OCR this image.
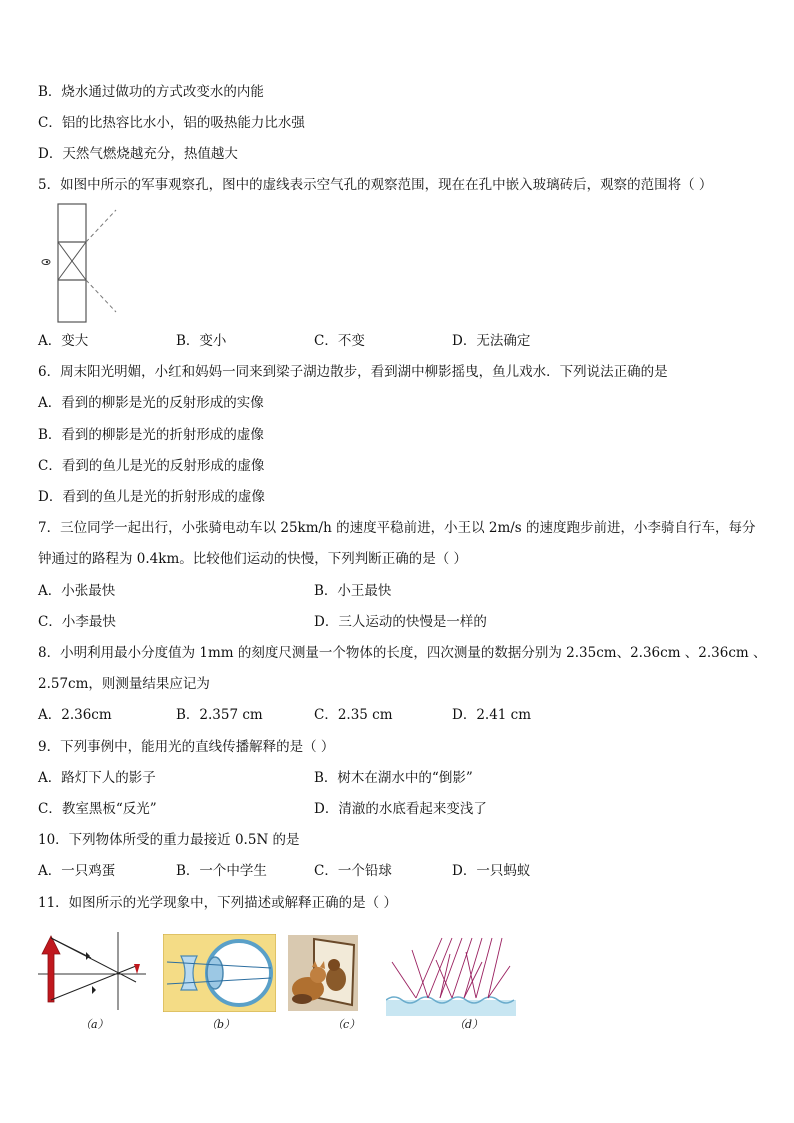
B．烧水通过做功的方式改变水的内能
C．铝的比热容比水小，铝的吸热能力比水强
D．天然气燃烧越充分，热值越大
5．如图中所示的军事观察孔，图中的虚线表示空气孔的观察范围，现在在孔中嵌入玻璃砖后，观察的范围将（ ）
A．变大	B．变小	C．不变	D．无法确定
6．周末阳光明媚，小红和妈妈一同来到梁子湖边散步，看到湖中柳影摇曳，鱼儿戏水．下列说法正确的是
A．看到的柳影是光的反射形成的实像
B．看到的柳影是光的折射形成的虚像
C．看到的鱼儿是光的反射形成的虚像
D．看到的鱼儿是光的折射形成的虚像
7．三位同学一起出行，小张骑电动车以 25km/h 的速度平稳前进，小王以 2m/s 的速度跑步前进，小李骑自行车，每分
钟通过的路程为 0.4km。比较他们运动的快慢，下列判断正确的是（ ）
A．小张最快	B．小王最快
C．小李最快	D．三人运动的快慢是一样的
8．小明利用最小分度值为 1mm 的刻度尺测量一个物体的长度，四次测量的数据分别为 2.35cm、2.36cm 、2.36cm 、
2.57cm，则测量结果应记为
A．2.36cm	B．2.357 cm	C．2.35 cm	D．2.41 cm
9．下列事例中，能用光的直线传播解释的是（ ）
A．路灯下人的影子	B．树木在湖水中的“倒影”
C．教室黑板“反光”	D．清澈的水底看起来变浅了
10．下列物体所受的重力最接近 0.5N 的是
A．一只鸡蛋	B．一个中学生	C．一个铅球	D．一只蚂蚁
11．如图所示的光学现象中，下列描述或解释正确的是（ ）
（a）	（b）	（c）	（d）
